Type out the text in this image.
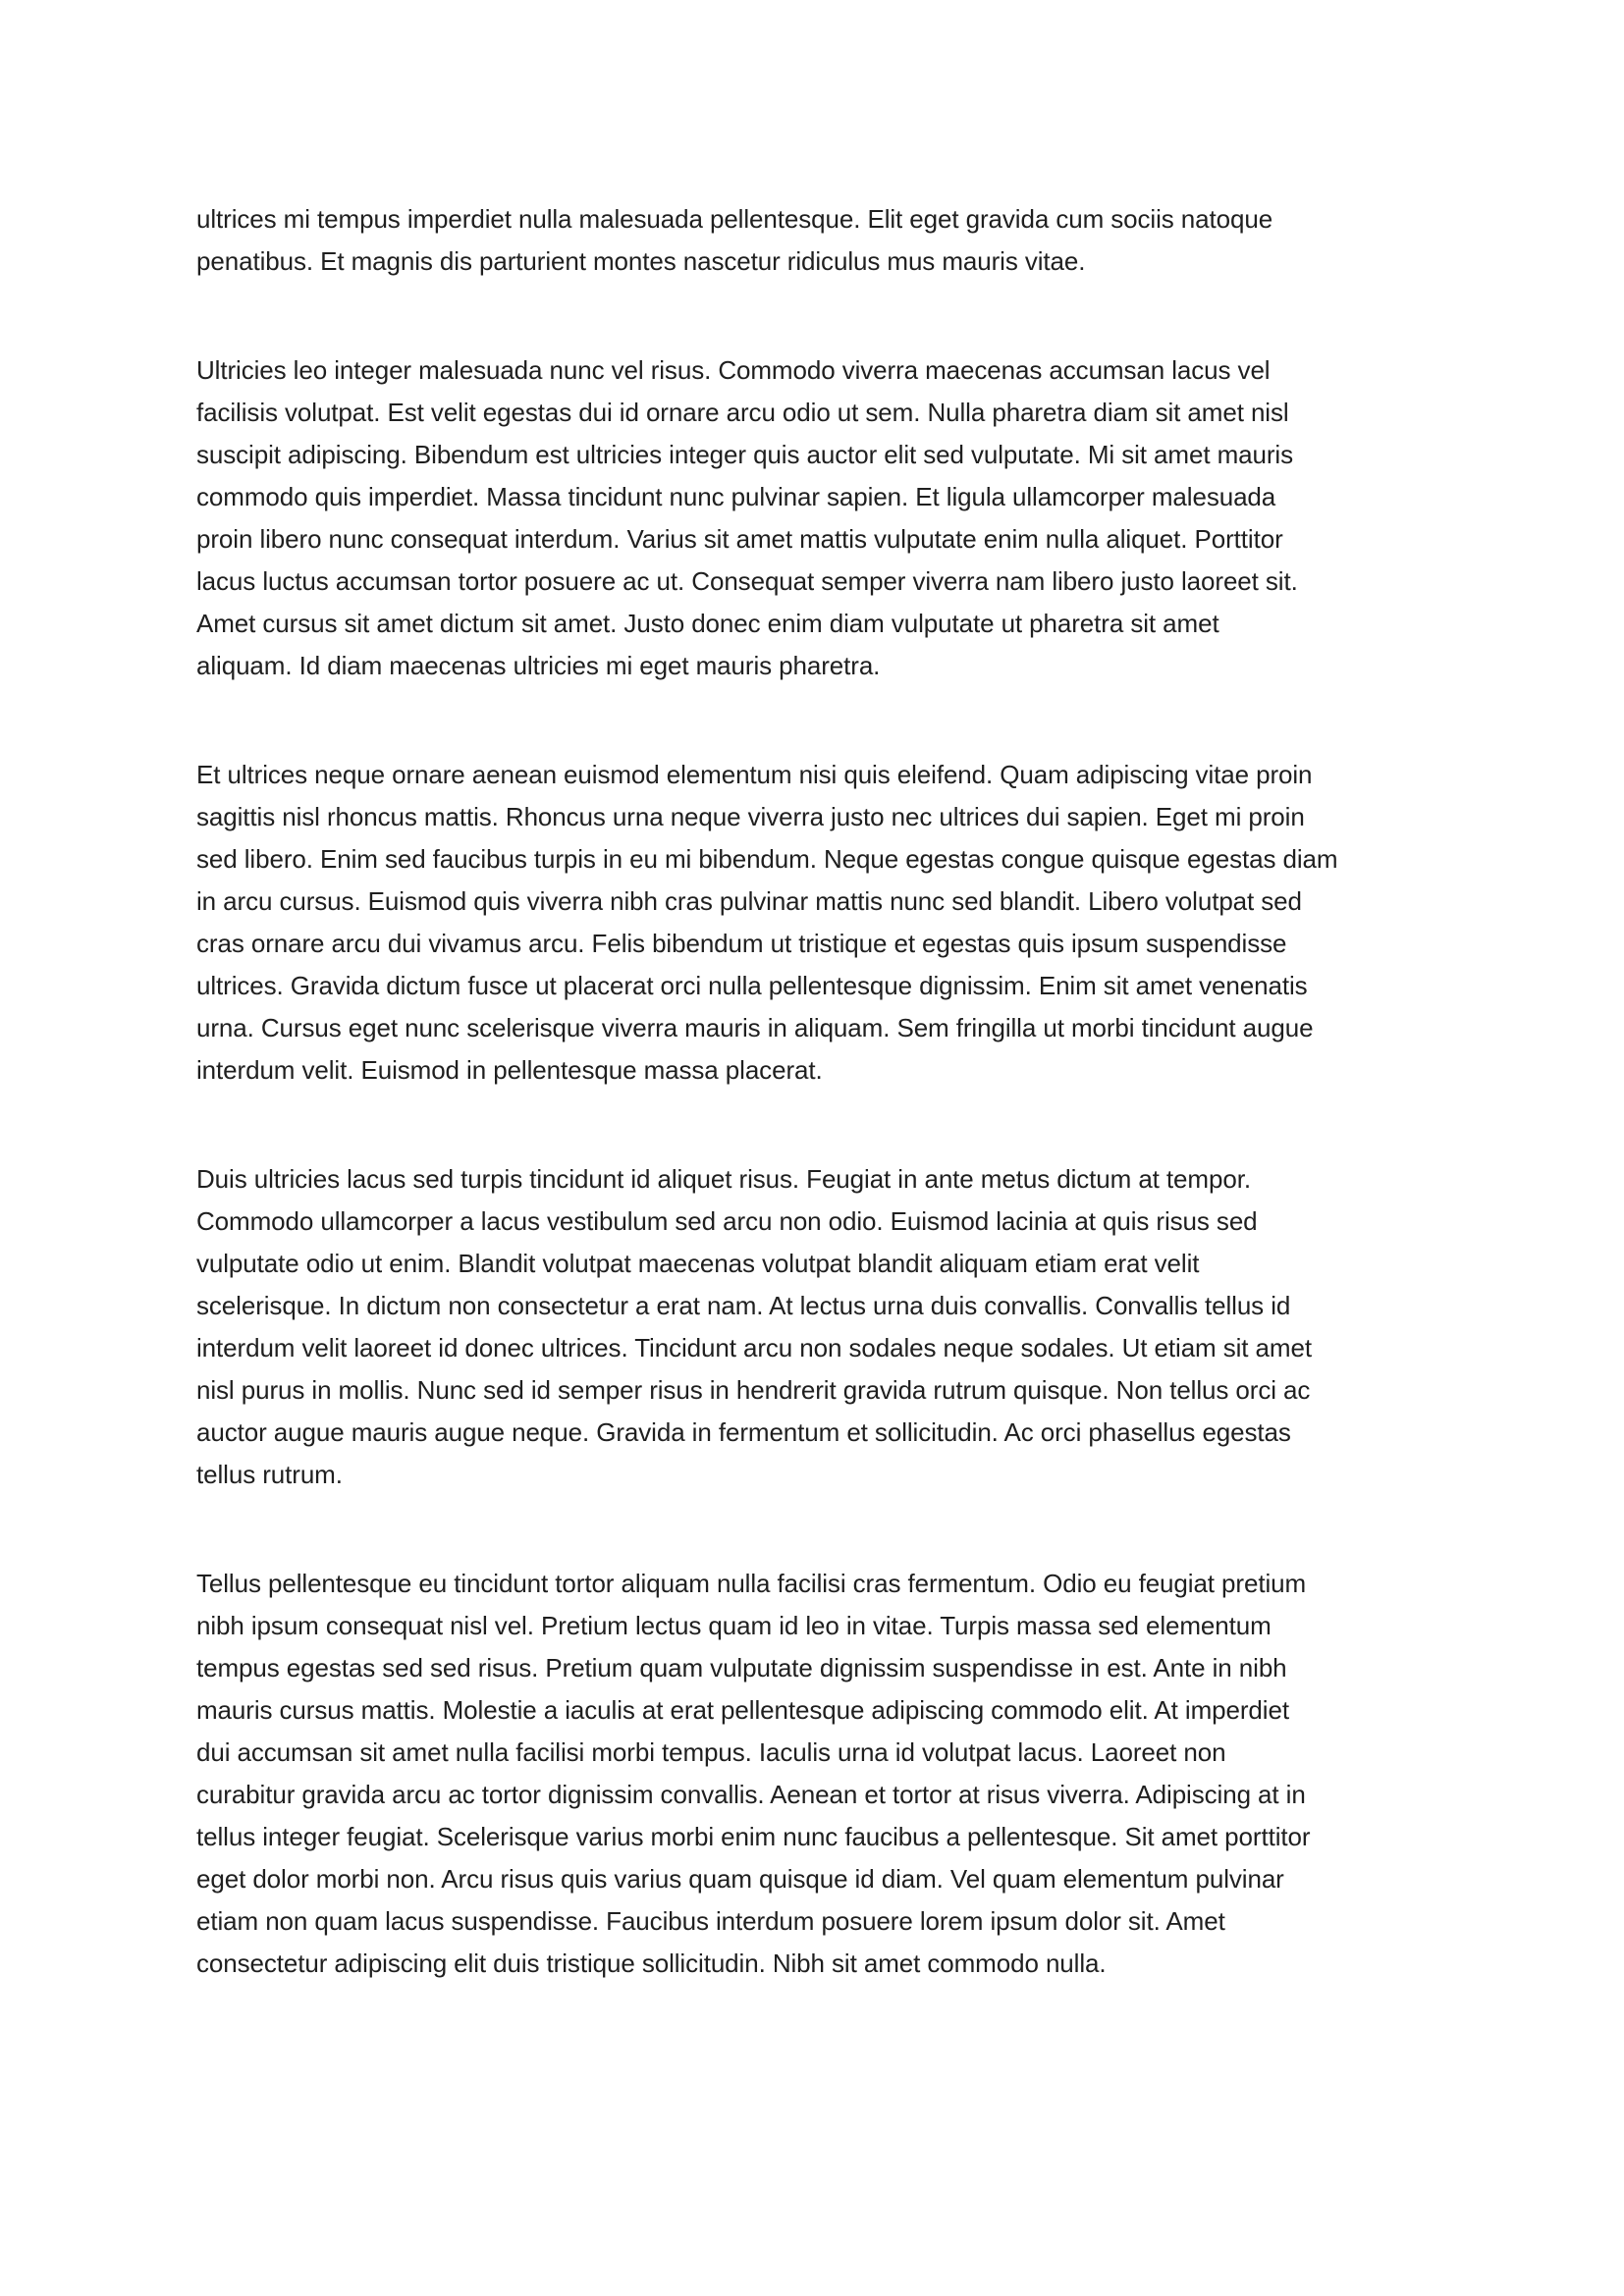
ultrices mi tempus imperdiet nulla malesuada pellentesque. Elit eget gravida cum sociis natoque
penatibus. Et magnis dis parturient montes nascetur ridiculus mus mauris vitae.
Ultricies leo integer malesuada nunc vel risus. Commodo viverra maecenas accumsan lacus vel
facilisis volutpat. Est velit egestas dui id ornare arcu odio ut sem. Nulla pharetra diam sit amet nisl
suscipit adipiscing. Bibendum est ultricies integer quis auctor elit sed vulputate. Mi sit amet mauris
commodo quis imperdiet. Massa tincidunt nunc pulvinar sapien. Et ligula ullamcorper malesuada
proin libero nunc consequat interdum. Varius sit amet mattis vulputate enim nulla aliquet. Porttitor
lacus luctus accumsan tortor posuere ac ut. Consequat semper viverra nam libero justo laoreet sit.
Amet cursus sit amet dictum sit amet. Justo donec enim diam vulputate ut pharetra sit amet
aliquam. Id diam maecenas ultricies mi eget mauris pharetra.
Et ultrices neque ornare aenean euismod elementum nisi quis eleifend. Quam adipiscing vitae proin
sagittis nisl rhoncus mattis. Rhoncus urna neque viverra justo nec ultrices dui sapien. Eget mi proin
sed libero. Enim sed faucibus turpis in eu mi bibendum. Neque egestas congue quisque egestas diam
in arcu cursus. Euismod quis viverra nibh cras pulvinar mattis nunc sed blandit. Libero volutpat sed
cras ornare arcu dui vivamus arcu. Felis bibendum ut tristique et egestas quis ipsum suspendisse
ultrices. Gravida dictum fusce ut placerat orci nulla pellentesque dignissim. Enim sit amet venenatis
urna. Cursus eget nunc scelerisque viverra mauris in aliquam. Sem fringilla ut morbi tincidunt augue
interdum velit. Euismod in pellentesque massa placerat.
Duis ultricies lacus sed turpis tincidunt id aliquet risus. Feugiat in ante metus dictum at tempor.
Commodo ullamcorper a lacus vestibulum sed arcu non odio. Euismod lacinia at quis risus sed
vulputate odio ut enim. Blandit volutpat maecenas volutpat blandit aliquam etiam erat velit
scelerisque. In dictum non consectetur a erat nam. At lectus urna duis convallis. Convallis tellus id
interdum velit laoreet id donec ultrices. Tincidunt arcu non sodales neque sodales. Ut etiam sit amet
nisl purus in mollis. Nunc sed id semper risus in hendrerit gravida rutrum quisque. Non tellus orci ac
auctor augue mauris augue neque. Gravida in fermentum et sollicitudin. Ac orci phasellus egestas
tellus rutrum.
Tellus pellentesque eu tincidunt tortor aliquam nulla facilisi cras fermentum. Odio eu feugiat pretium
nibh ipsum consequat nisl vel. Pretium lectus quam id leo in vitae. Turpis massa sed elementum
tempus egestas sed sed risus. Pretium quam vulputate dignissim suspendisse in est. Ante in nibh
mauris cursus mattis. Molestie a iaculis at erat pellentesque adipiscing commodo elit. At imperdiet
dui accumsan sit amet nulla facilisi morbi tempus. Iaculis urna id volutpat lacus. Laoreet non
curabitur gravida arcu ac tortor dignissim convallis. Aenean et tortor at risus viverra. Adipiscing at in
tellus integer feugiat. Scelerisque varius morbi enim nunc faucibus a pellentesque. Sit amet porttitor
eget dolor morbi non. Arcu risus quis varius quam quisque id diam. Vel quam elementum pulvinar
etiam non quam lacus suspendisse. Faucibus interdum posuere lorem ipsum dolor sit. Amet
consectetur adipiscing elit duis tristique sollicitudin. Nibh sit amet commodo nulla.
